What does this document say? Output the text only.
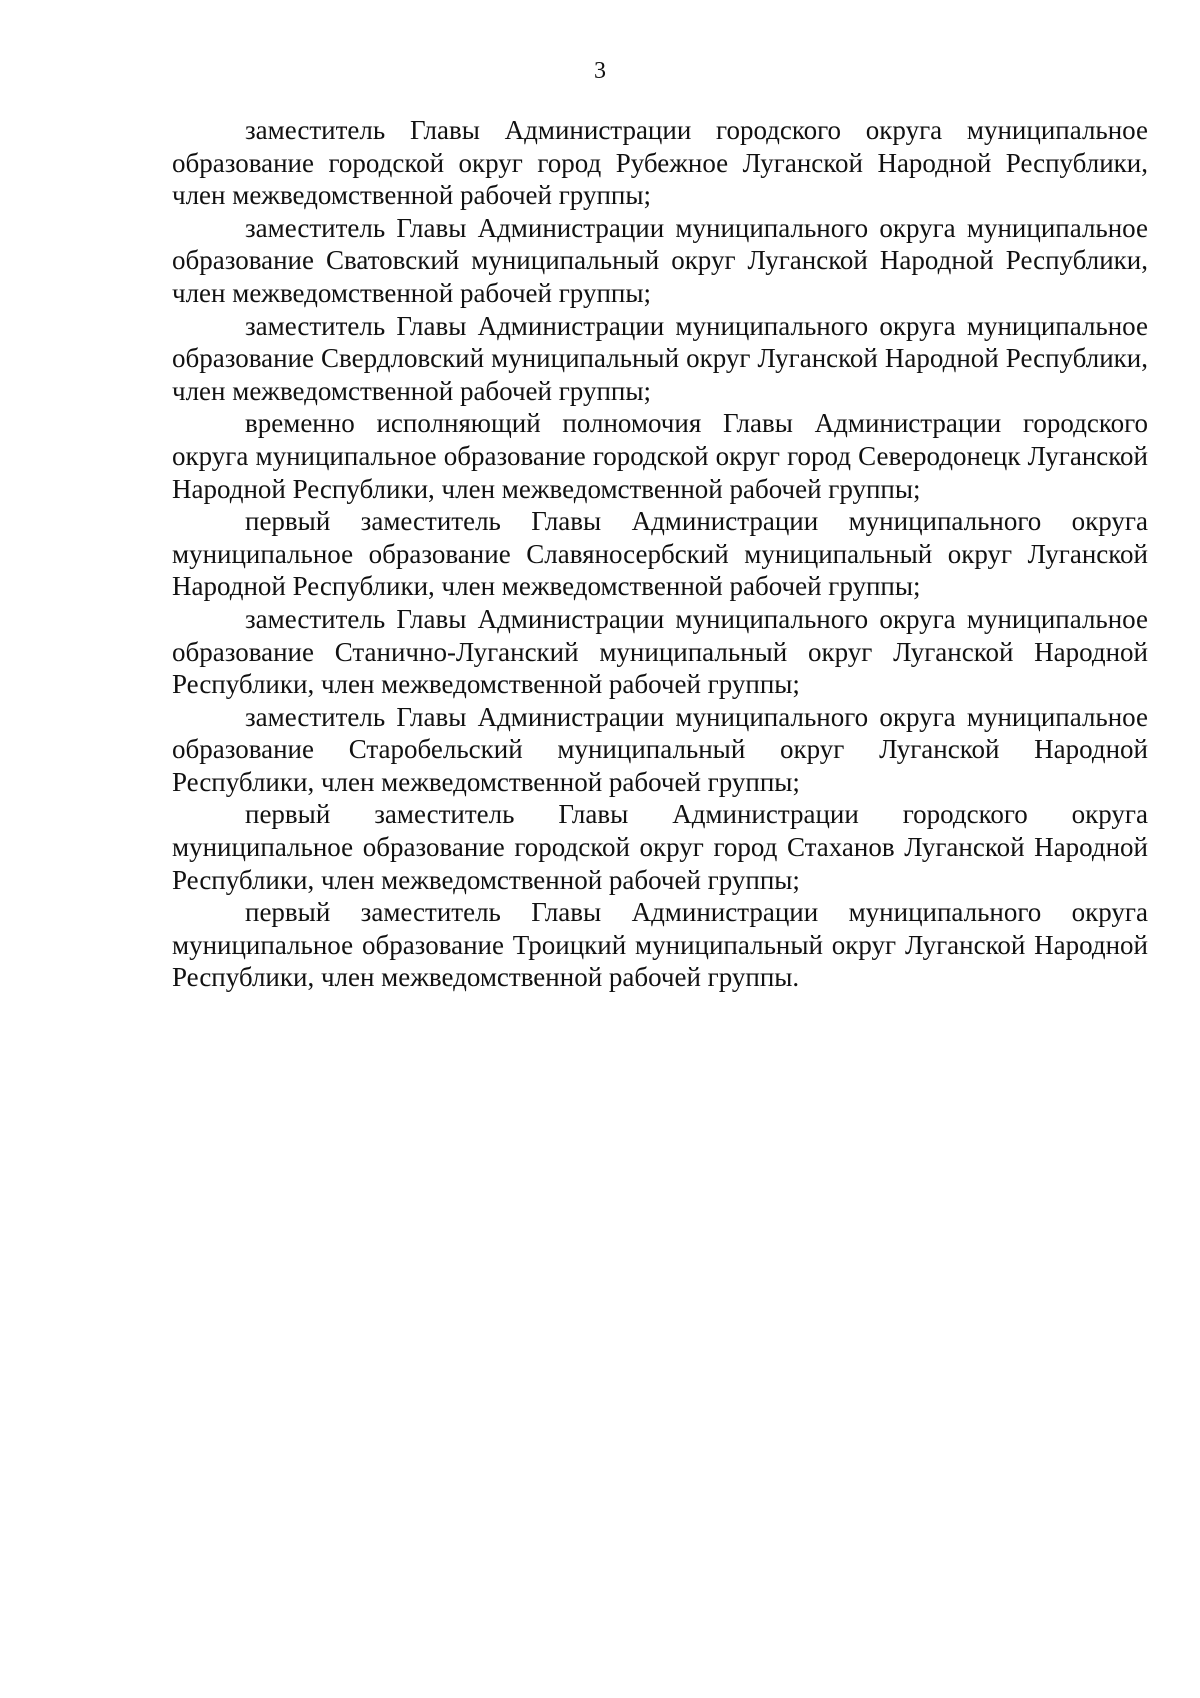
3

заместитель Главы Администрации городского округа муниципальное образование городской округ город Рубежное Луганской Народной Республики, член межведомственной рабочей группы;

заместитель Главы Администрации муниципального округа муниципальное образование Сватовский муниципальный округ Луганской Народной Республики, член межведомственной рабочей группы;

заместитель Главы Администрации муниципального округа муниципальное образование Свердловский муниципальный округ Луганской Народной Республики, член межведомственной рабочей группы;

временно исполняющий полномочия Главы Администрации городского округа муниципальное образование городской округ город Северодонецк Луганской Народной Республики, член межведомственной рабочей группы;

первый заместитель Главы Администрации муниципального округа муниципальное образование Славяносербский муниципальный округ Луганской Народной Республики, член межведомственной рабочей группы;

заместитель Главы Администрации муниципального округа муниципальное образование Станично-Луганский муниципальный округ Луганской Народной Республики, член межведомственной рабочей группы;

заместитель Главы Администрации муниципального округа муниципальное образование Старобельский муниципальный округ Луганской Народной Республики, член межведомственной рабочей группы;

первый заместитель Главы Администрации городского округа муниципальное образование городской округ город Стаханов Луганской Народной Республики, член межведомственной рабочей группы;

первый заместитель Главы Администрации муниципального округа муниципальное образование Троицкий муниципальный округ Луганской Народной Республики, член межведомственной рабочей группы.
